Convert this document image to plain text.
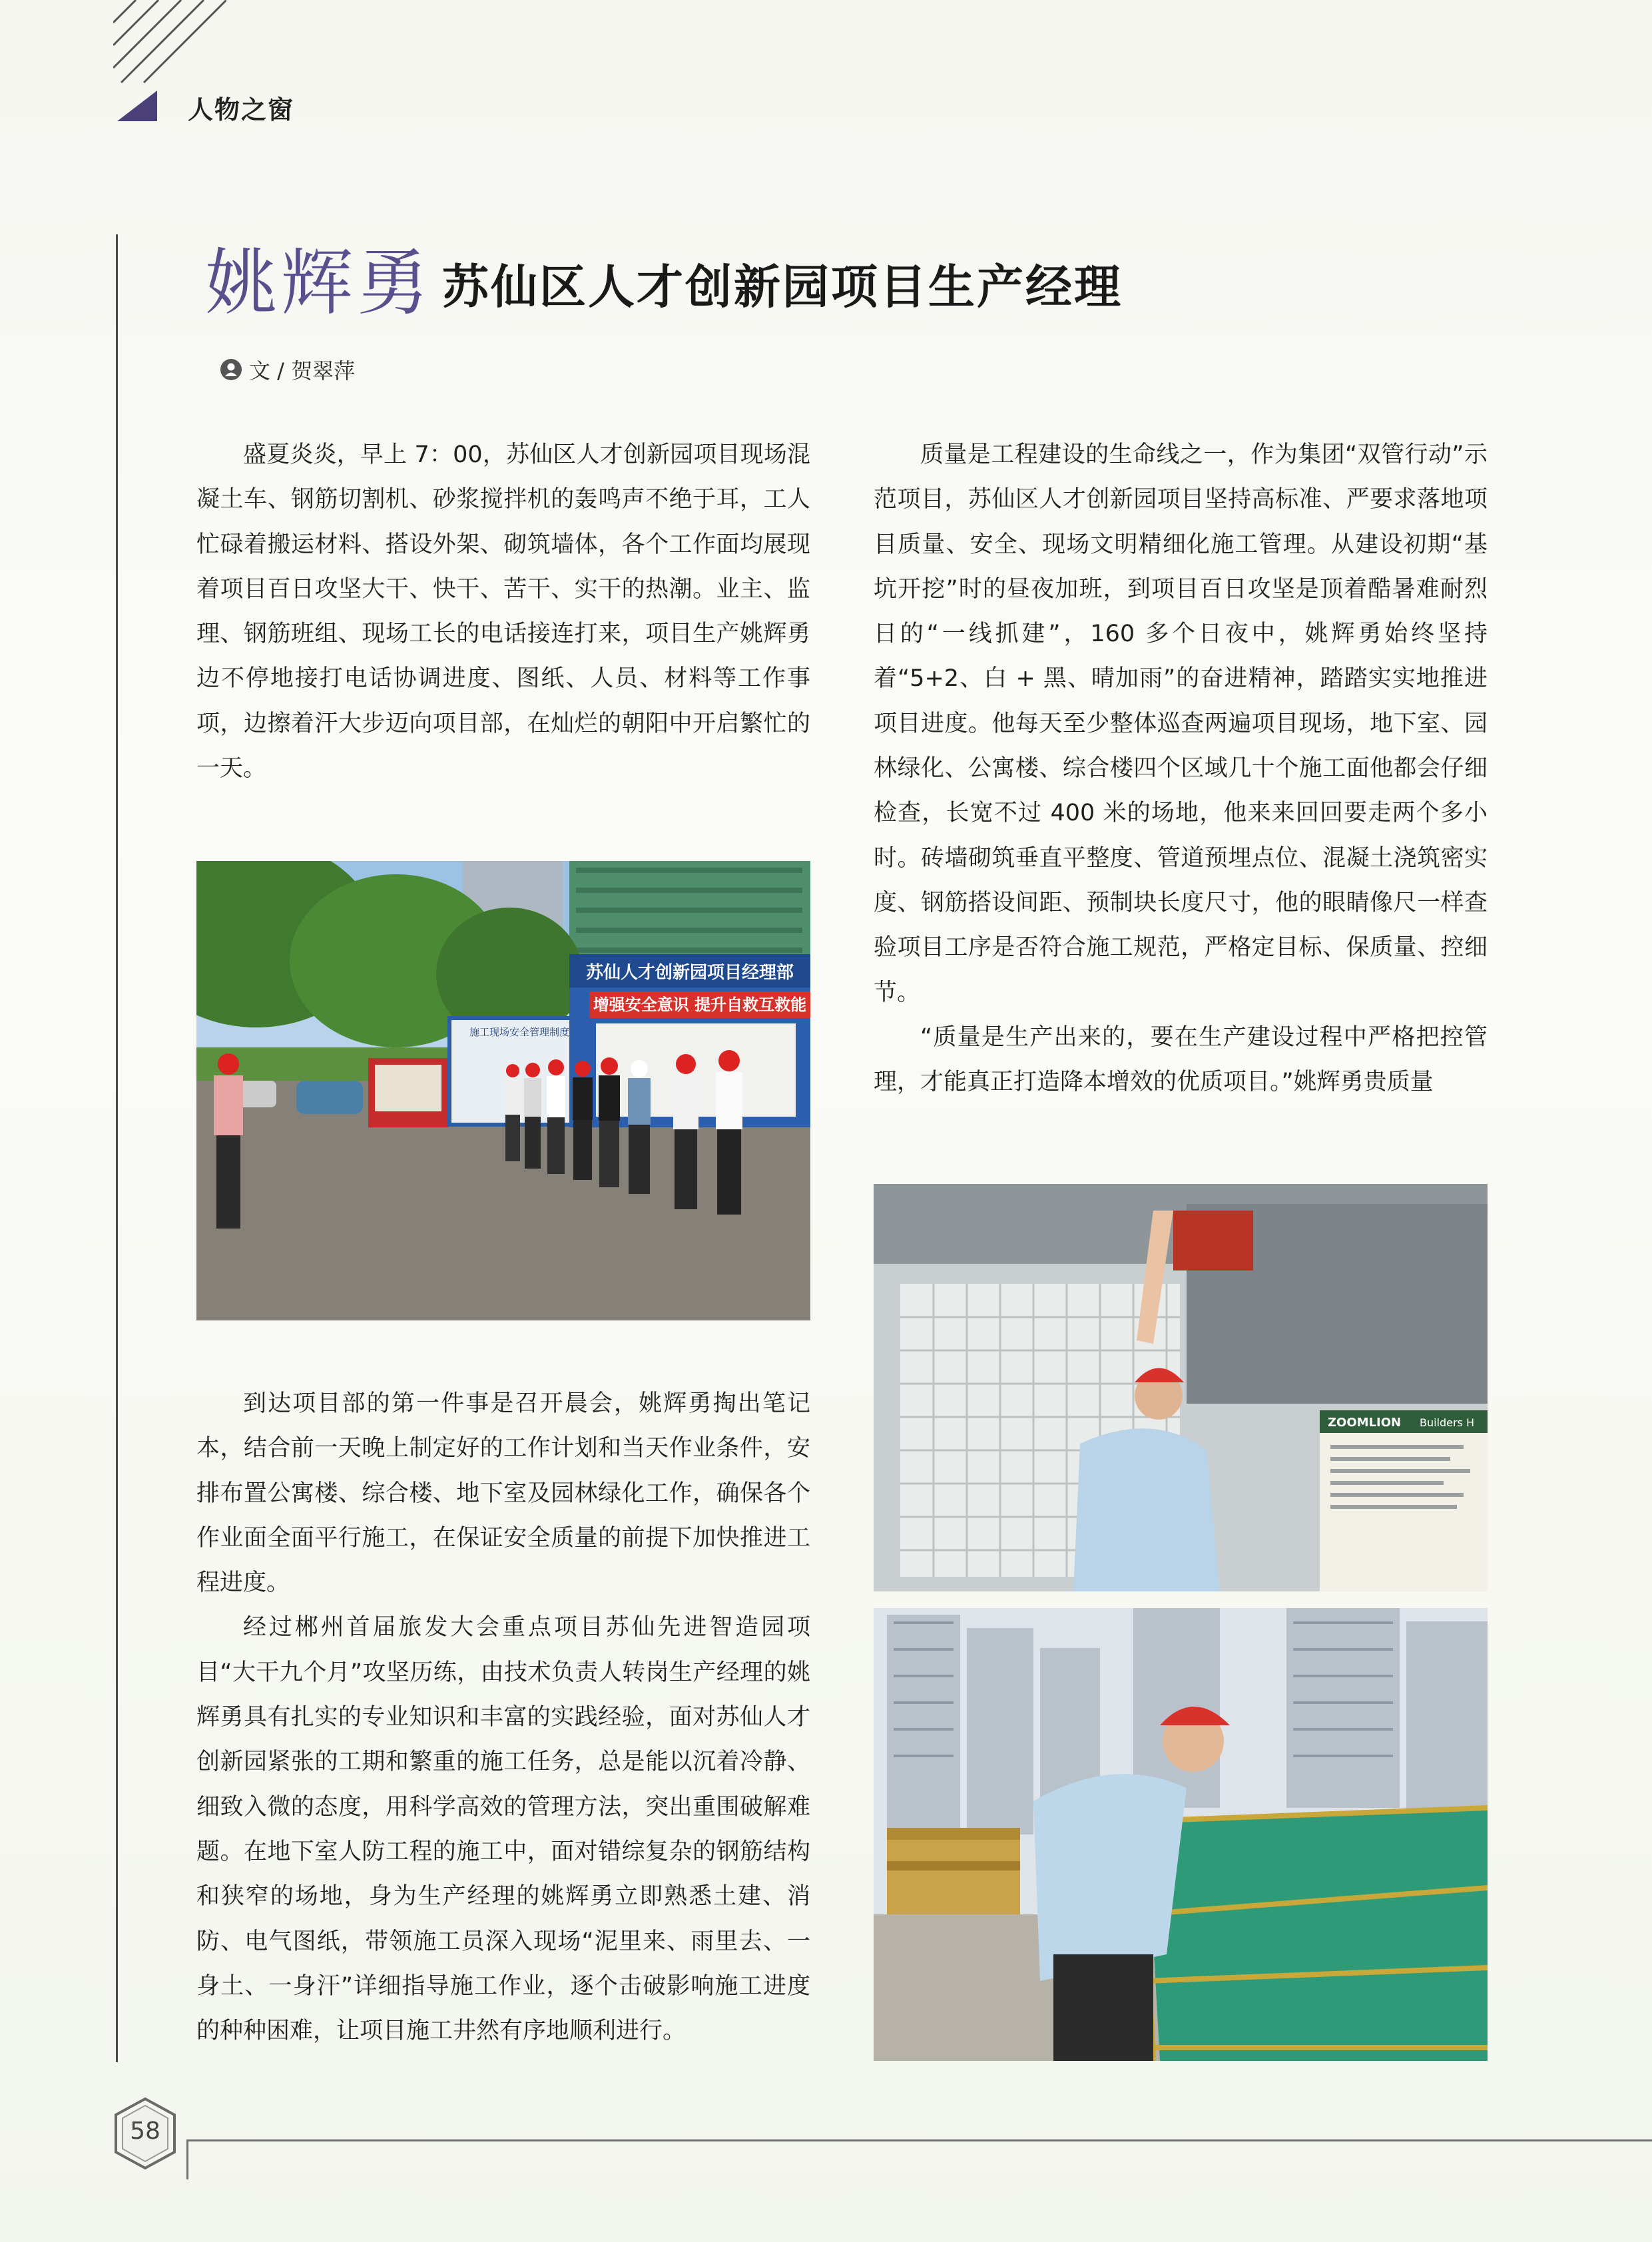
人物之窗
姚辉勇 苏仙区人才创新园项目生产经理
文 / 贺翠萍

盛夏炎炎，早上 7：00，苏仙区人才创新园项目现场混凝土车、钢筋切割机、砂浆搅拌机的轰鸣声不绝于耳，工人忙碌着搬运材料、搭设外架、砌筑墙体，各个工作面均展现着项目百日攻坚大干、快干、苦干、实干的热潮。业主、监理、钢筋班组、现场工长的电话接连打来，项目生产姚辉勇边不停地接打电话协调进度、图纸、人员、材料等工作事项，边擦着汗大步迈向项目部，在灿烂的朝阳中开启繁忙的一天。

施工现场安全管理制度
苏仙人才创新园项目经理部
增强安全意识 提升自救互救能

到达项目部的第一件事是召开晨会，姚辉勇掏出笔记本，结合前一天晚上制定好的工作计划和当天作业条件，安排布置公寓楼、综合楼、地下室及园林绿化工作，确保各个作业面全面平行施工，在保证安全质量的前提下加快推进工程进度。

经过郴州首届旅发大会重点项目苏仙先进智造园项目“大干九个月”攻坚历练，由技术负责人转岗生产经理的姚辉勇具有扎实的专业知识和丰富的实践经验，面对苏仙人才创新园紧张的工期和繁重的施工任务，总是能以沉着冷静、细致入微的态度，用科学高效的管理方法，突出重围破解难题。在地下室人防工程的施工中，面对错综复杂的钢筋结构和狭窄的场地，身为生产经理的姚辉勇立即熟悉土建、消防、电气图纸，带领施工员深入现场“泥里来、雨里去、一身土、一身汗”详细指导施工作业，逐个击破影响施工进度的种种困难，让项目施工井然有序地顺利进行。

质量是工程建设的生命线之一，作为集团“双管行动”示范项目，苏仙区人才创新园项目坚持高标准、严要求落地项目质量、安全、现场文明精细化施工管理。从建设初期“基坑开挖”时的昼夜加班，到项目百日攻坚是顶着酷暑难耐烈日的“一线抓建”，160 多个日夜中，姚辉勇始终坚持着“5+2、白 + 黑、晴加雨”的奋进精神，踏踏实实地推进项目进度。他每天至少整体巡查两遍项目现场，地下室、园林绿化、公寓楼、综合楼四个区域几十个施工面他都会仔细检查，长宽不过 400 米的场地，他来来回回要走两个多小时。砖墙砌筑垂直平整度、管道预埋点位、混凝土浇筑密实度、钢筋搭设间距、预制块长度尺寸，他的眼睛像尺一样查验项目工序是否符合施工规范，严格定目标、保质量、控细节。

“质量是生产出来的，要在生产建设过程中严格把控管理，才能真正打造降本增效的优质项目。”姚辉勇贵质量

ZOOMLION Builders H
58
